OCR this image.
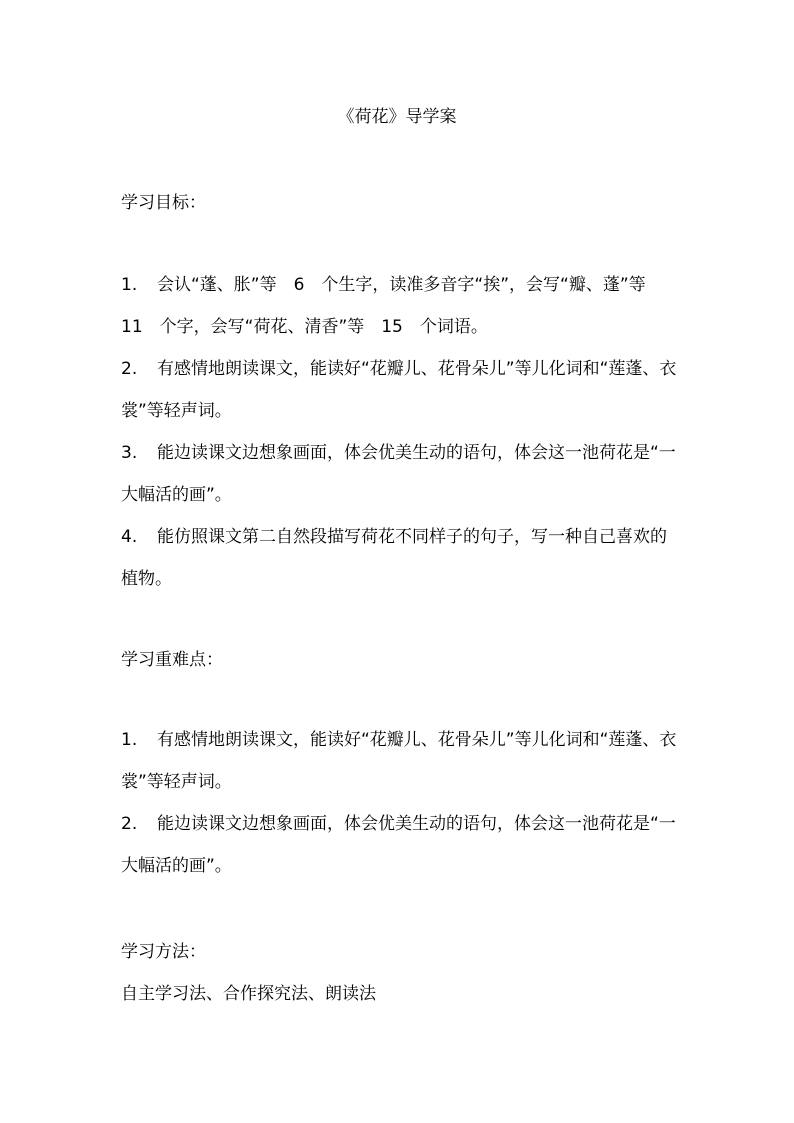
《荷花》导学案
学习目标：
1. 会认“蓬、胀”等　6　个生字，读准多音字“挨”，会写“瓣、蓬”等　11　个字，会写“荷花、清香”等　15　个词语。
2. 有感情地朗读课文，能读好“花瓣儿、花骨朵儿”等儿化词和“莲蓬、衣裳”等轻声词。
3. 能边读课文边想象画面，体会优美生动的语句，体会这一池荷花是“一大幅活的画”。
4. 能仿照课文第二自然段描写荷花不同样子的句子，写一种自己喜欢的植物。
学习重难点：
1. 有感情地朗读课文，能读好“花瓣儿、花骨朵儿”等儿化词和“莲蓬、衣裳”等轻声词。
2. 能边读课文边想象画面，体会优美生动的语句，体会这一池荷花是“一大幅活的画”。
学习方法：
自主学习法、合作探究法、朗读法
